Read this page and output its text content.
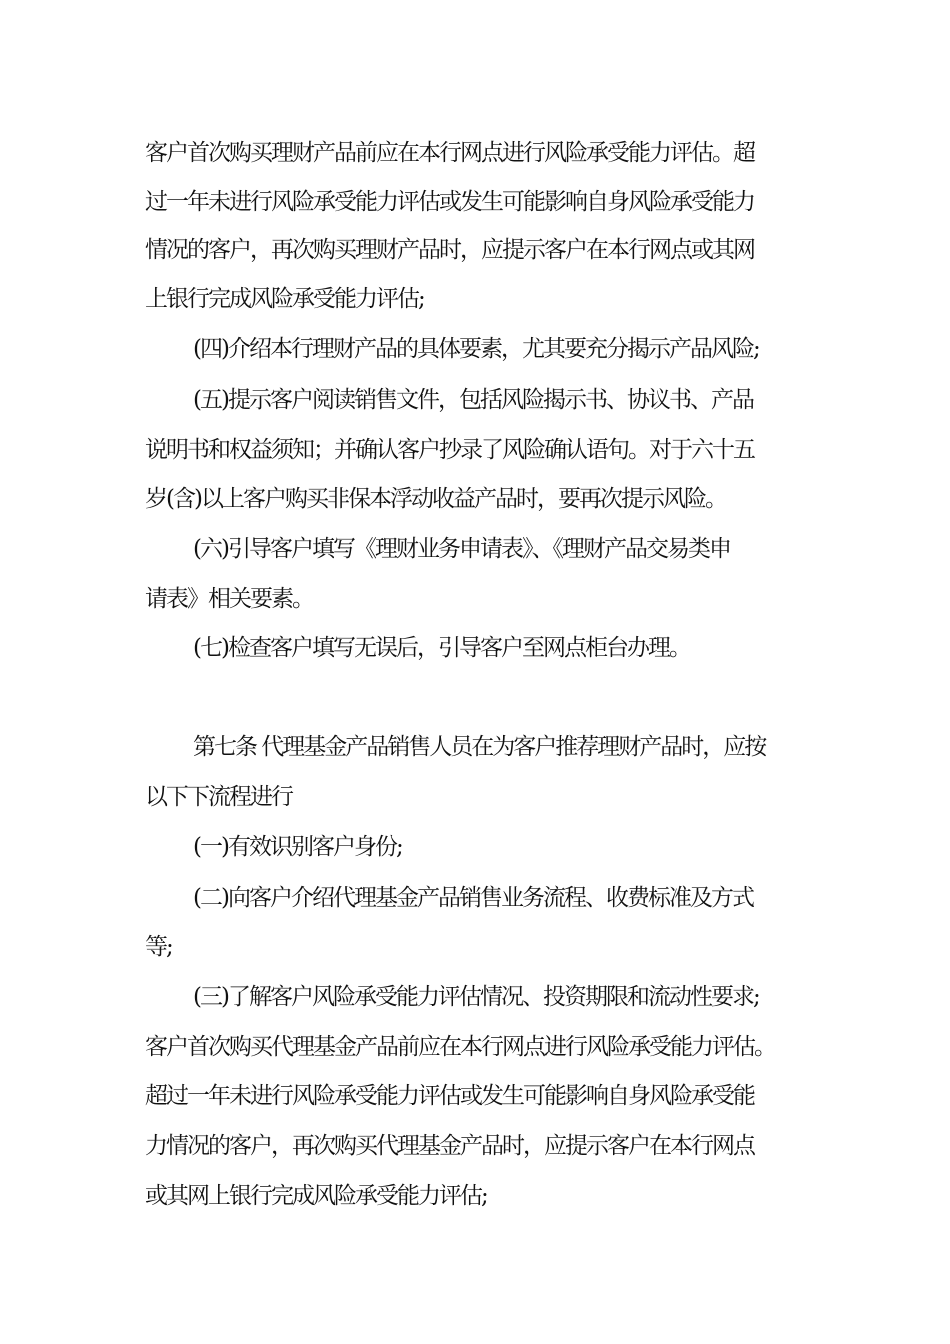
客户首次购买理财产品前应在本行网点进行风险承受能力评估。超
过一年未进行风险承受能力评估或发生可能影响自身风险承受能力
情况的客户，再次购买理财产品时，应提示客户在本行网点或其网
上银行完成风险承受能力评估;
(四)介绍本行理财产品的具体要素，尤其要充分揭示产品风险;
(五)提示客户阅读销售文件，包括风险揭示书、协议书、产品
说明书和权益须知；并确认客户抄录了风险确认语句。对于六十五
岁(含)以上客户购买非保本浮动收益产品时，要再次提示风险。
(六)引导客户填写《理财业务申请表》、《理财产品交易类申
请表》相关要素。
(七)检查客户填写无误后，引导客户至网点柜台办理。
第七条 代理基金产品销售人员在为客户推荐理财产品时，应按
以下下流程进行
(一)有效识别客户身份;
(二)向客户介绍代理基金产品销售业务流程、收费标准及方式
等;
(三)了解客户风险承受能力评估情况、投资期限和流动性要求;
客户首次购买代理基金产品前应在本行网点进行风险承受能力评估。
超过一年未进行风险承受能力评估或发生可能影响自身风险承受能
力情况的客户，再次购买代理基金产品时，应提示客户在本行网点
或其网上银行完成风险承受能力评估;
